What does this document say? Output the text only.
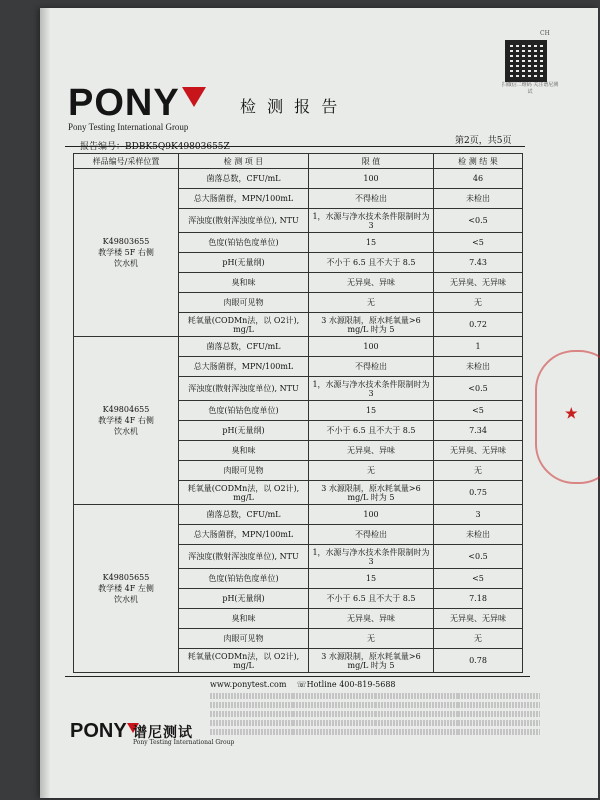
CH
扫微信二维码 关注谱尼测试
PONY
Pony Testing International Group
检 测 报 告
报告编号：BDBK5Q9K49803655Z
第2页，共5页
样品编号/采样位置	检 测 项 目	限 值	检 测 结 果

K49803655
教学楼 5F 右侧
饮水机	菌落总数，CFU/mL	100	46
	总大肠菌群，MPN/100mL	不得检出	未检出
	浑浊度(散射浑浊度单位), NTU	1，水源与净水技术条件限制时为 3	<0.5
	色度(铂钴色度单位)	15	<5
	pH(无量纲)	不小于 6.5 且不大于 8.5	7.43
	臭和味	无异臭、异味	无异臭、无异味
	肉眼可见物	无	无
	耗氧量(CODMn法，以 O2计), mg/L	3 水源限制，原水耗氧量>6 mg/L 时为 5	0.72

K49804655
教学楼 4F 右侧
饮水机	菌落总数，CFU/mL	100	1
	总大肠菌群，MPN/100mL	不得检出	未检出
	浑浊度(散射浑浊度单位), NTU	1，水源与净水技术条件限制时为 3	<0.5
	色度(铂钴色度单位)	15	<5
	pH(无量纲)	不小于 6.5 且不大于 8.5	7.34
	臭和味	无异臭、异味	无异臭、无异味
	肉眼可见物	无	无
	耗氧量(CODMn法，以 O2计), mg/L	3 水源限制，原水耗氧量>6 mg/L 时为 5	0.75

K49805655
教学楼 4F 左侧
饮水机	菌落总数，CFU/mL	100	3
	总大肠菌群，MPN/100mL	不得检出	未检出
	浑浊度(散射浑浊度单位), NTU	1，水源与净水技术条件限制时为 3	<0.5
	色度(铂钴色度单位)	15	<5
	pH(无量纲)	不小于 6.5 且不大于 8.5	7.18
	臭和味	无异臭、异味	无异臭、无异味
	肉眼可见物	无	无
	耗氧量(CODMn法，以 O2计), mg/L	3 水源限制，原水耗氧量>6 mg/L 时为 5	0.78
www.ponytest.com    ☏Hotline 400-819-5688
PONY 谱尼测试
Pony Testing International Group
★
